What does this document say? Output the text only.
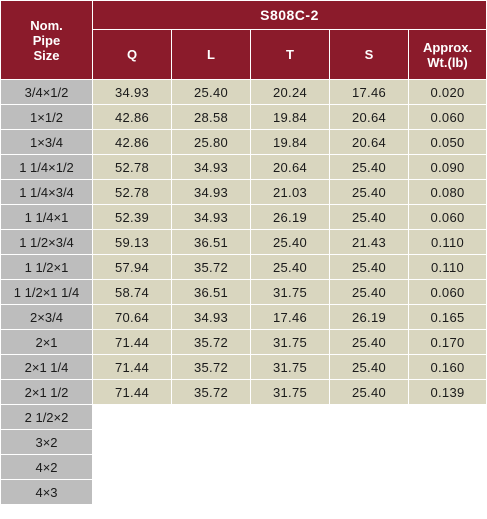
Nom.
Pipe
Size	S808C-2				

	Q	L	T	S	Approx.
Wt.(lb)

3/4×1/2	34.93	25.40	20.24	17.46	0.020
1×1/2	42.86	28.58	19.84	20.64	0.060
1×3/4	42.86	25.80	19.84	20.64	0.050
1 1/4×1/2	52.78	34.93	20.64	25.40	0.090
1 1/4×3/4	52.78	34.93	21.03	25.40	0.080
1 1/4×1	52.39	34.93	26.19	25.40	0.060
1 1/2×3/4	59.13	36.51	25.40	21.43	0.110
1 1/2×1	57.94	35.72	25.40	25.40	0.110
1 1/2×1 1/4	58.74	36.51	31.75	25.40	0.060
2×3/4	70.64	34.93	17.46	26.19	0.165
2×1	71.44	35.72	31.75	25.40	0.170
2×1 1/4	71.44	35.72	31.75	25.40	0.160
2×1 1/2	71.44	35.72	31.75	25.40	0.139
2 1/2×2					
3×2					
4×2					
4×3					
